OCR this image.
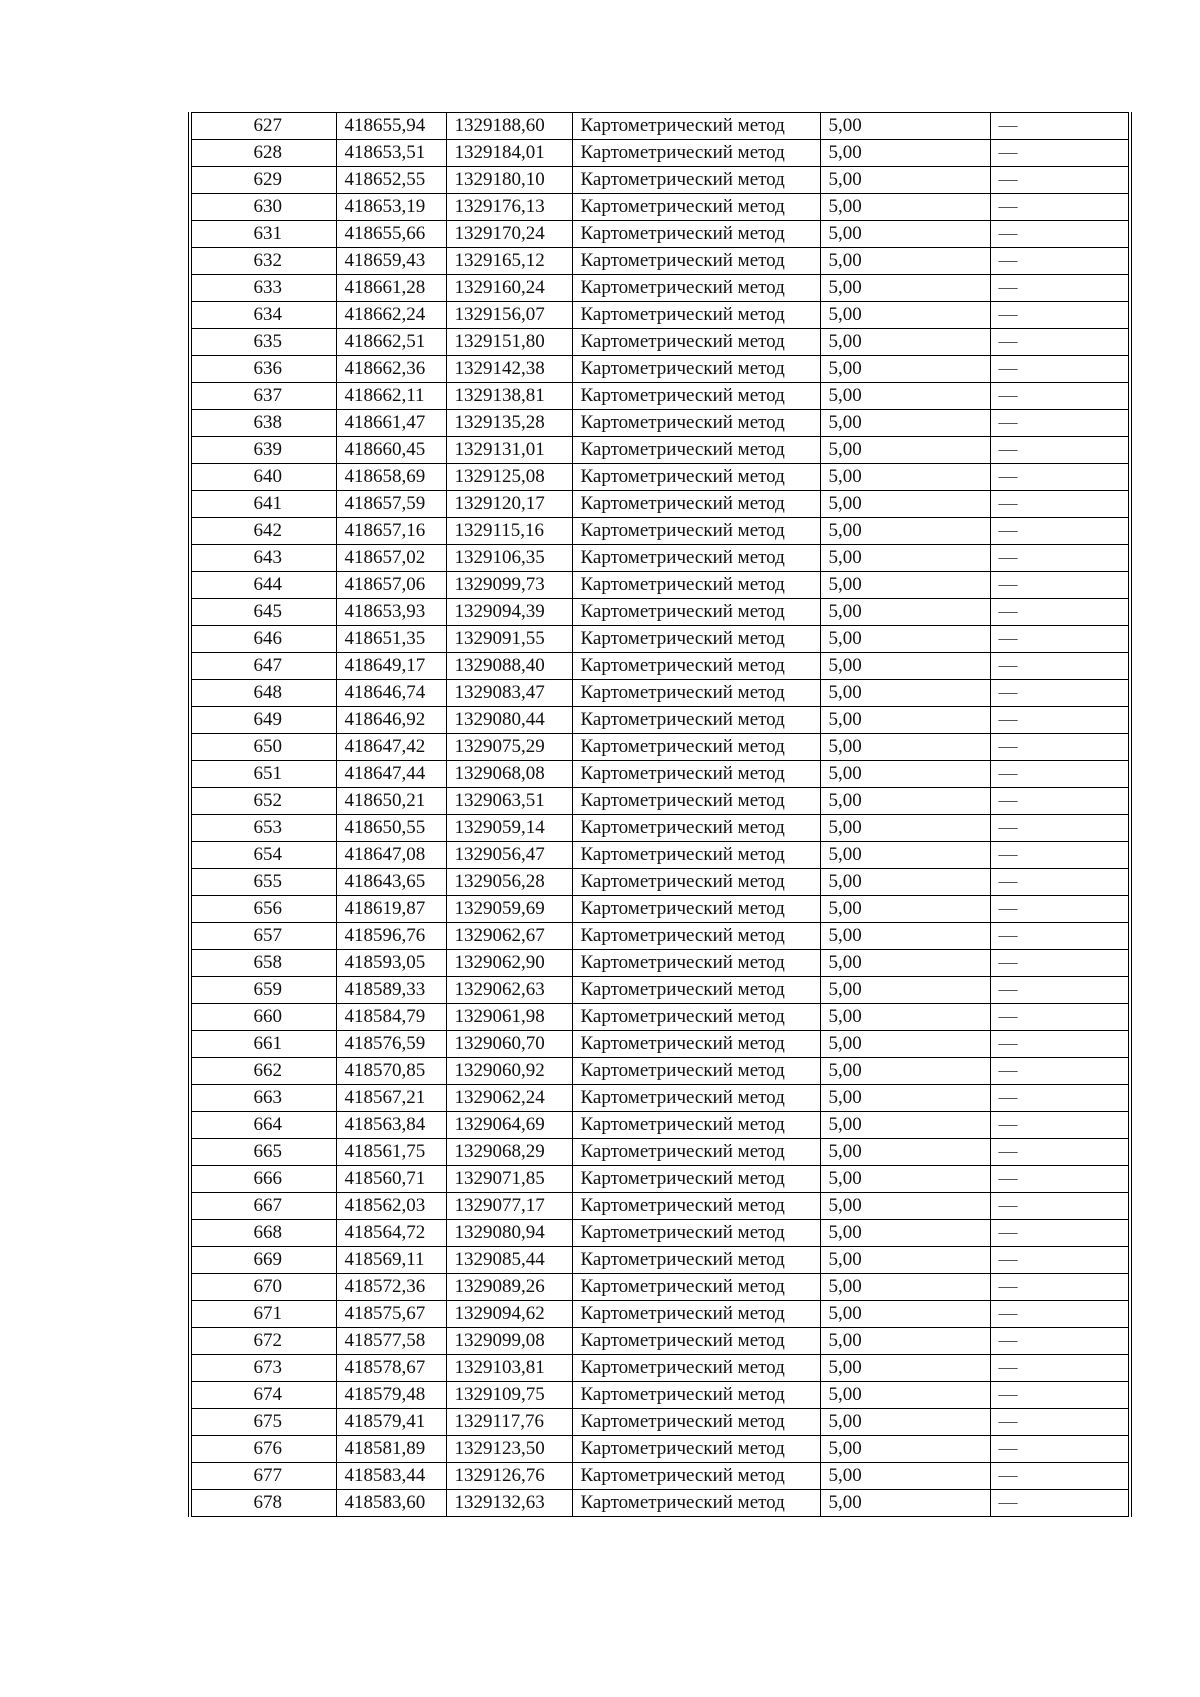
627	418655,94	1329188,60	Картометрический метод	5,00	—
628	418653,51	1329184,01	Картометрический метод	5,00	—
629	418652,55	1329180,10	Картометрический метод	5,00	—
630	418653,19	1329176,13	Картометрический метод	5,00	—
631	418655,66	1329170,24	Картометрический метод	5,00	—
632	418659,43	1329165,12	Картометрический метод	5,00	—
633	418661,28	1329160,24	Картометрический метод	5,00	—
634	418662,24	1329156,07	Картометрический метод	5,00	—
635	418662,51	1329151,80	Картометрический метод	5,00	—
636	418662,36	1329142,38	Картометрический метод	5,00	—
637	418662,11	1329138,81	Картометрический метод	5,00	—
638	418661,47	1329135,28	Картометрический метод	5,00	—
639	418660,45	1329131,01	Картометрический метод	5,00	—
640	418658,69	1329125,08	Картометрический метод	5,00	—
641	418657,59	1329120,17	Картометрический метод	5,00	—
642	418657,16	1329115,16	Картометрический метод	5,00	—
643	418657,02	1329106,35	Картометрический метод	5,00	—
644	418657,06	1329099,73	Картометрический метод	5,00	—
645	418653,93	1329094,39	Картометрический метод	5,00	—
646	418651,35	1329091,55	Картометрический метод	5,00	—
647	418649,17	1329088,40	Картометрический метод	5,00	—
648	418646,74	1329083,47	Картометрический метод	5,00	—
649	418646,92	1329080,44	Картометрический метод	5,00	—
650	418647,42	1329075,29	Картометрический метод	5,00	—
651	418647,44	1329068,08	Картометрический метод	5,00	—
652	418650,21	1329063,51	Картометрический метод	5,00	—
653	418650,55	1329059,14	Картометрический метод	5,00	—
654	418647,08	1329056,47	Картометрический метод	5,00	—
655	418643,65	1329056,28	Картометрический метод	5,00	—
656	418619,87	1329059,69	Картометрический метод	5,00	—
657	418596,76	1329062,67	Картометрический метод	5,00	—
658	418593,05	1329062,90	Картометрический метод	5,00	—
659	418589,33	1329062,63	Картометрический метод	5,00	—
660	418584,79	1329061,98	Картометрический метод	5,00	—
661	418576,59	1329060,70	Картометрический метод	5,00	—
662	418570,85	1329060,92	Картометрический метод	5,00	—
663	418567,21	1329062,24	Картометрический метод	5,00	—
664	418563,84	1329064,69	Картометрический метод	5,00	—
665	418561,75	1329068,29	Картометрический метод	5,00	—
666	418560,71	1329071,85	Картометрический метод	5,00	—
667	418562,03	1329077,17	Картометрический метод	5,00	—
668	418564,72	1329080,94	Картометрический метод	5,00	—
669	418569,11	1329085,44	Картометрический метод	5,00	—
670	418572,36	1329089,26	Картометрический метод	5,00	—
671	418575,67	1329094,62	Картометрический метод	5,00	—
672	418577,58	1329099,08	Картометрический метод	5,00	—
673	418578,67	1329103,81	Картометрический метод	5,00	—
674	418579,48	1329109,75	Картометрический метод	5,00	—
675	418579,41	1329117,76	Картометрический метод	5,00	—
676	418581,89	1329123,50	Картометрический метод	5,00	—
677	418583,44	1329126,76	Картометрический метод	5,00	—
678	418583,60	1329132,63	Картометрический метод	5,00	—
